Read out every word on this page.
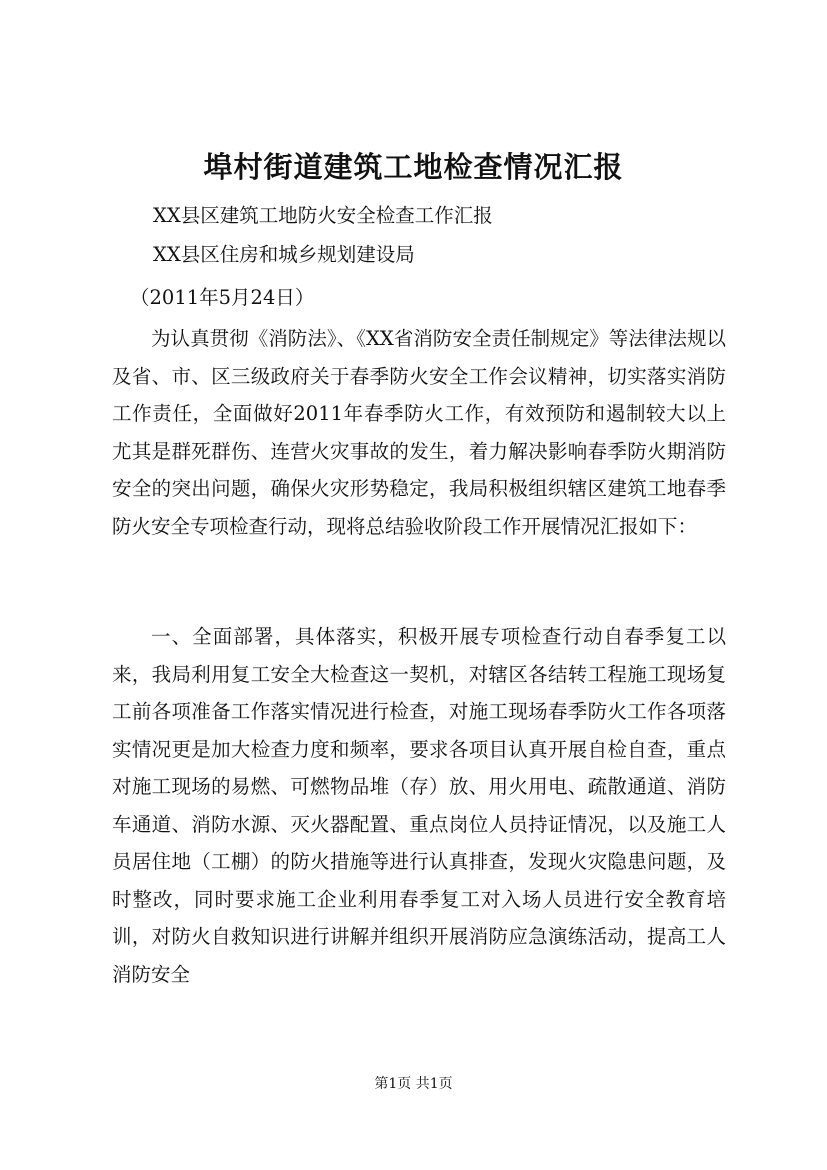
埠村街道建筑工地检查情况汇报
XX县区建筑工地防火安全检查工作汇报
XX县区住房和城乡规划建设局
（2011年5月24日）
为认真贯彻《消防法》、《XX省消防安全责任制规定》等法律法规以及省、市、区三级政府关于春季防火安全工作会议精神，切实落实消防工作责任，全面做好2011年春季防火工作，有效预防和遏制较大以上尤其是群死群伤、连营火灾事故的发生，着力解决影响春季防火期消防安全的突出问题，确保火灾形势稳定，我局积极组织辖区建筑工地春季防火安全专项检查行动，现将总结验收阶段工作开展情况汇报如下：
一、全面部署，具体落实，积极开展专项检查行动自春季复工以来，我局利用复工安全大检查这一契机，对辖区各结转工程施工现场复工前各项准备工作落实情况进行检查，对施工现场春季防火工作各项落实情况更是加大检查力度和频率，要求各项目认真开展自检自查，重点对施工现场的易燃、可燃物品堆（存）放、用火用电、疏散通道、消防车通道、消防水源、灭火器配置、重点岗位人员持证情况，以及施工人员居住地（工棚）的防火措施等进行认真排查，发现火灾隐患问题，及时整改，同时要求施工企业利用春季复工对入场人员进行安全教育培训，对防火自救知识进行讲解并组织开展消防应急演练活动，提高工人消防安全
第1页 共1页
